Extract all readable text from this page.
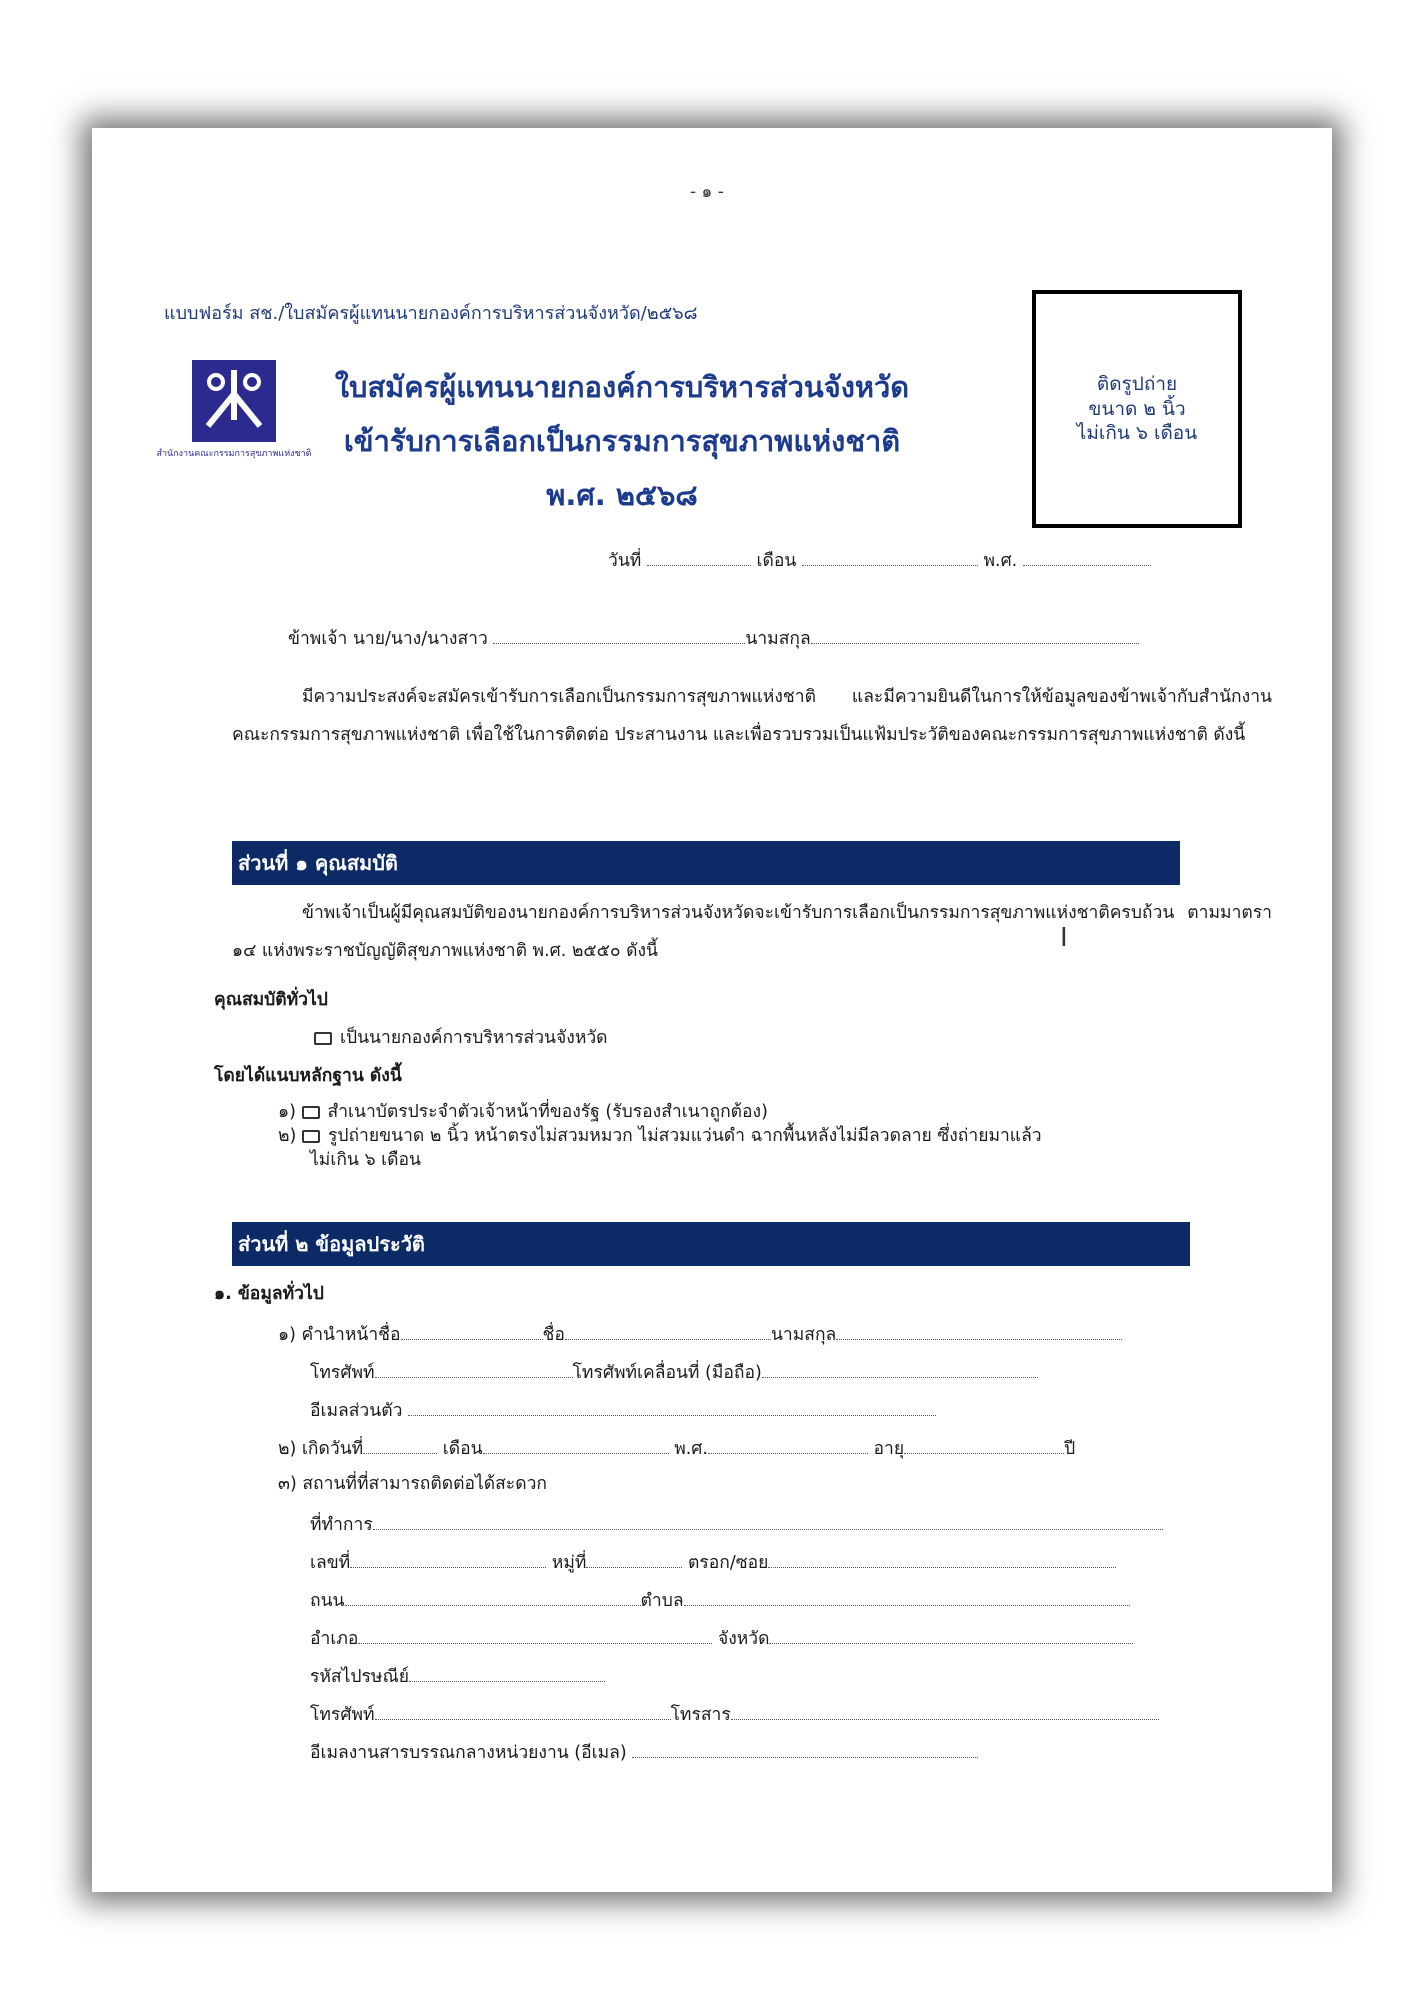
- ๑ -
แบบฟอร์ม สช./ใบสมัครผู้แทนนายกองค์การบริหารส่วนจังหวัด/๒๕๖๘
สำนักงานคณะกรรมการสุขภาพแห่งชาติ
ใบสมัครผู้แทนนายกองค์การบริหารส่วนจังหวัด
เข้ารับการเลือกเป็นกรรมการสุขภาพแห่งชาติ
พ.ศ. ๒๕๖๘
ติดรูปถ่าย
ขนาด ๒ นิ้ว
ไม่เกิน ๖ เดือน
วันที่	เดือน	พ.ศ.
ข้าพเจ้า นาย/นาง/นางสาว	นามสกุล
มีความประสงค์จะสมัครเข้ารับการเลือกเป็นกรรมการสุขภาพแห่งชาติ และมีความยินดีในการให้ข้อมูลของข้าพเจ้ากับสำนักงานคณะกรรมการสุขภาพแห่งชาติ เพื่อใช้ในการติดต่อ ประสานงาน และเพื่อรวบรวมเป็นแฟ้มประวัติของคณะกรรมการสุขภาพแห่งชาติ ดังนี้
ส่วนที่ ๑ คุณสมบัติ
ข้าพเจ้าเป็นผู้มีคุณสมบัติของนายกองค์การบริหารส่วนจังหวัดจะเข้ารับการเลือกเป็นกรรมการสุขภาพแห่งชาติครบถ้วน ตามมาตรา ๑๔ แห่งพระราชบัญญัติสุขภาพแห่งชาติ พ.ศ. ๒๕๕๐ ดังนี้
คุณสมบัติทั่วไป
เป็นนายกองค์การบริหารส่วนจังหวัด
โดยได้แนบหลักฐาน ดังนี้
๑) สำเนาบัตรประจำตัวเจ้าหน้าที่ของรัฐ (รับรองสำเนาถูกต้อง)
๒) รูปถ่ายขนาด ๒ นิ้ว หน้าตรงไม่สวมหมวก ไม่สวมแว่นดำ ฉากพื้นหลังไม่มีลวดลาย ซึ่งถ่ายมาแล้ว
ไม่เกิน ๖ เดือน
ส่วนที่ ๒ ข้อมูลประวัติ
๑. ข้อมูลทั่วไป
๑) คำนำหน้าชื่อ	ชื่อ	นามสกุล
โทรศัพท์	โทรศัพท์เคลื่อนที่ (มือถือ)
อีเมลส่วนตัว
๒) เกิดวันที่	เดือน	พ.ศ.	อายุ	ปี
๓) สถานที่ที่สามารถติดต่อได้สะดวก
ที่ทำการ
เลขที่	หมู่ที่	ตรอก/ซอย
ถนน	ตำบล
อำเภอ	จังหวัด
รหัสไปรษณีย์
โทรศัพท์	โทรสาร
อีเมลงานสารบรรณกลางหน่วยงาน (อีเมล)
I
